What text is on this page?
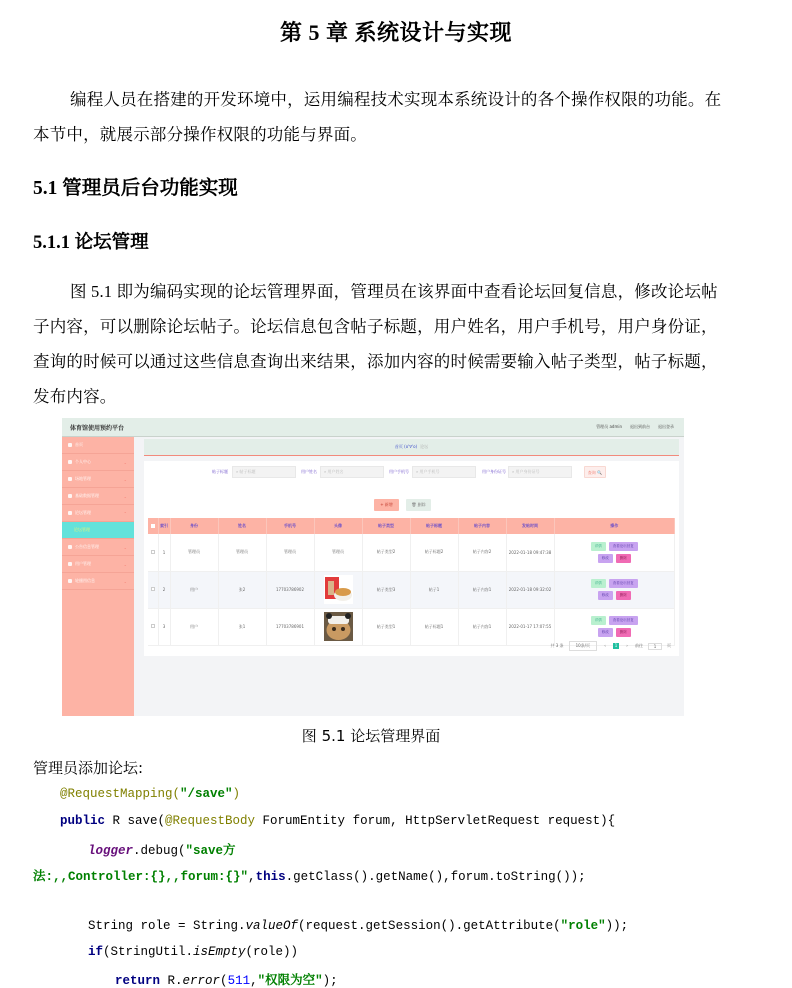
第 5 章 系统设计与实现
编程人员在搭建的开发环境中，运用编程技术实现本系统设计的各个操作权限的功能。在本节中，就展示部分操作权限的功能与界面。
5.1 管理员后台功能实现
5.1.1 论坛管理
图 5.1 即为编码实现的论坛管理界面，管理员在该界面中查看论坛回复信息，修改论坛帖子内容，可以删除论坛帖子。论坛信息包含帖子标题，用户姓名，用户手机号，用户身份证，查询的时候可以通过这些信息查询出来结果，添加内容的时候需要输入帖子类型，帖子标题，发布内容。
体育馆使用预约平台	管理员 admin 退出到前台 退出登录
首页
个人中心	⌄
场地管理	⌄
基础数据管理	⌄
论坛管理	⌃
论坛管理
公告信息管理	⌄
用户管理	⌄
轮播图信息	⌄
首页 (o'∀'o) 论坛
帖子标题	⌕ 帖子标题	用户姓名	⌕ 用户姓名	用户手机号	⌕ 用户手机号	用户身份证号	⌕ 用户身份证号	查询 🔍
+ 新增	🗑 删除
	索引	身份	姓名	手机号	头像	帖子类型	帖子标题	帖子内容	发帖时间	操作
	1	管理员	管理员	管理员	管理员	帖子类型2	帖子标题2	帖子内容2	2022-01-18 09:47:38	详情 查看论坛回复
修改 删除

	2	用户	张2	17703786902		帖子类型3	帖子1	帖子内容1	2022-01-18 09:32:02	详情 查看论坛回复
修改 删除

	3	用户	张1	17703786901		帖子类型1	帖子标题1	帖子内容1	2022-01-17 17:07:55	详情 查看论坛回复
修改 删除
共 3 条	10条/页	‹	1	›	前往	1	页
图 5.1 论坛管理界面
管理员添加论坛:
@RequestMapping("/save")
public R save(@RequestBody ForumEntity forum, HttpServletRequest request){
logger.debug("save方
法:,,Controller:{},,forum:{}",this.getClass().getName(),forum.toString());
String role = String.valueOf(request.getSession().getAttribute("role"));
if(StringUtil.isEmpty(role))
return R.error(511,"权限为空");
